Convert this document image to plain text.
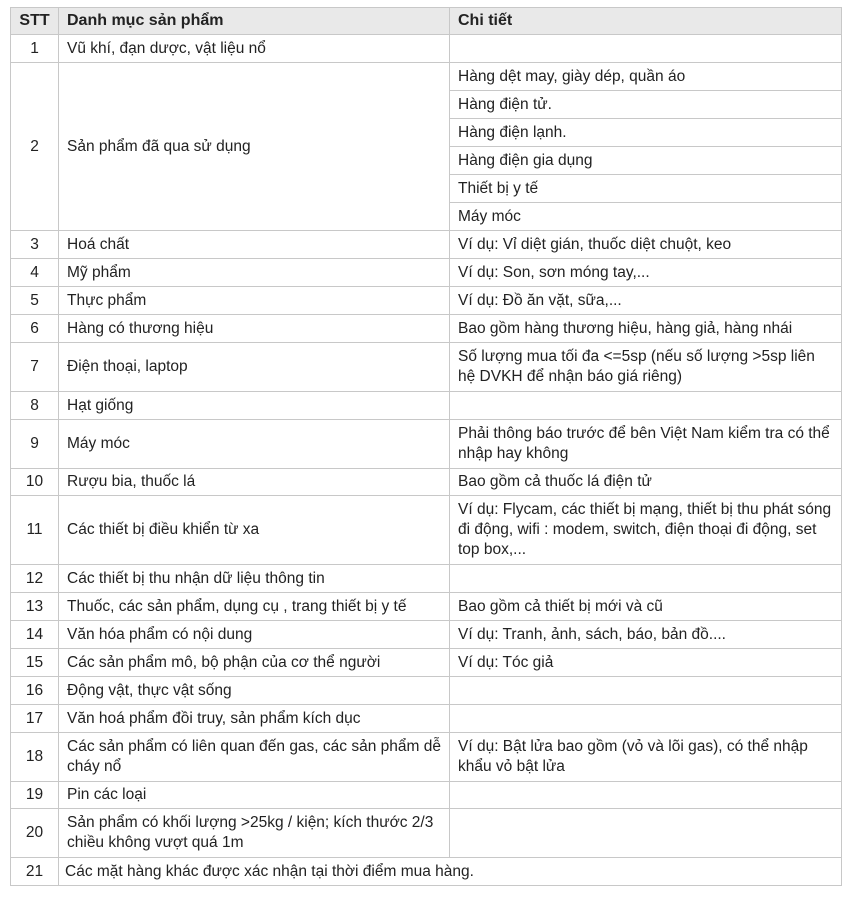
STT	Danh mục sản phẩm	Chi tiết
1	Vũ khí, đạn dược, vật liệu nổ	
2	Sản phẩm đã qua sử dụng	Hàng dệt may, giày dép, quần áo
		Hàng điện tử.
		Hàng điện lạnh.
		Hàng điện gia dụng
		Thiết bị y tế
		Máy móc
3	Hoá chất	Ví dụ: Vỉ diệt gián, thuốc diệt chuột, keo
4	Mỹ phẩm	Ví dụ: Son, sơn móng tay,...
5	Thực phẩm	Ví dụ: Đồ ăn vặt, sữa,...
6	Hàng có thương hiệu	Bao gồm hàng thương hiệu, hàng giả, hàng nhái
7	Điện thoại, laptop	Số lượng mua tối đa <=5sp (nếu số lượng >5sp liên hệ DVKH để nhận báo giá riêng)
8	Hạt giống	
9	Máy móc	Phải thông báo trước để bên Việt Nam kiểm tra có thể nhập hay không
10	Rượu bia, thuốc lá	Bao gồm cả thuốc lá điện tử
11	Các thiết bị điều khiển từ xa	Ví dụ: Flycam, các thiết bị mạng, thiết bị thu phát sóng đi động, wifi : modem, switch, điện thoại đi động, set top box,...
12	Các thiết bị thu nhận dữ liệu thông tin	
13	Thuốc, các sản phẩm, dụng cụ , trang thiết bị y tế	Bao gồm cả thiết bị mới và cũ
14	Văn hóa phẩm có nội dung	Ví dụ: Tranh, ảnh, sách, báo, bản đồ....
15	Các sản phẩm mô, bộ phận của cơ thể người	Ví dụ: Tóc giả
16	Động vật, thực vật sống	
17	Văn hoá phẩm đồi truy, sản phẩm kích dục	
18	Các sản phẩm có liên quan đến gas, các sản phẩm dễ cháy nổ	Ví dụ: Bật lửa bao gồm (vỏ và lõi gas), có thể nhập khẩu vỏ bật lửa
19	Pin các loại	
20	Sản phẩm có khối lượng >25kg / kiện; kích thước 2/3 chiều không vượt quá 1m	
21	Các mặt hàng khác được xác nhận tại thời điểm mua hàng.	
